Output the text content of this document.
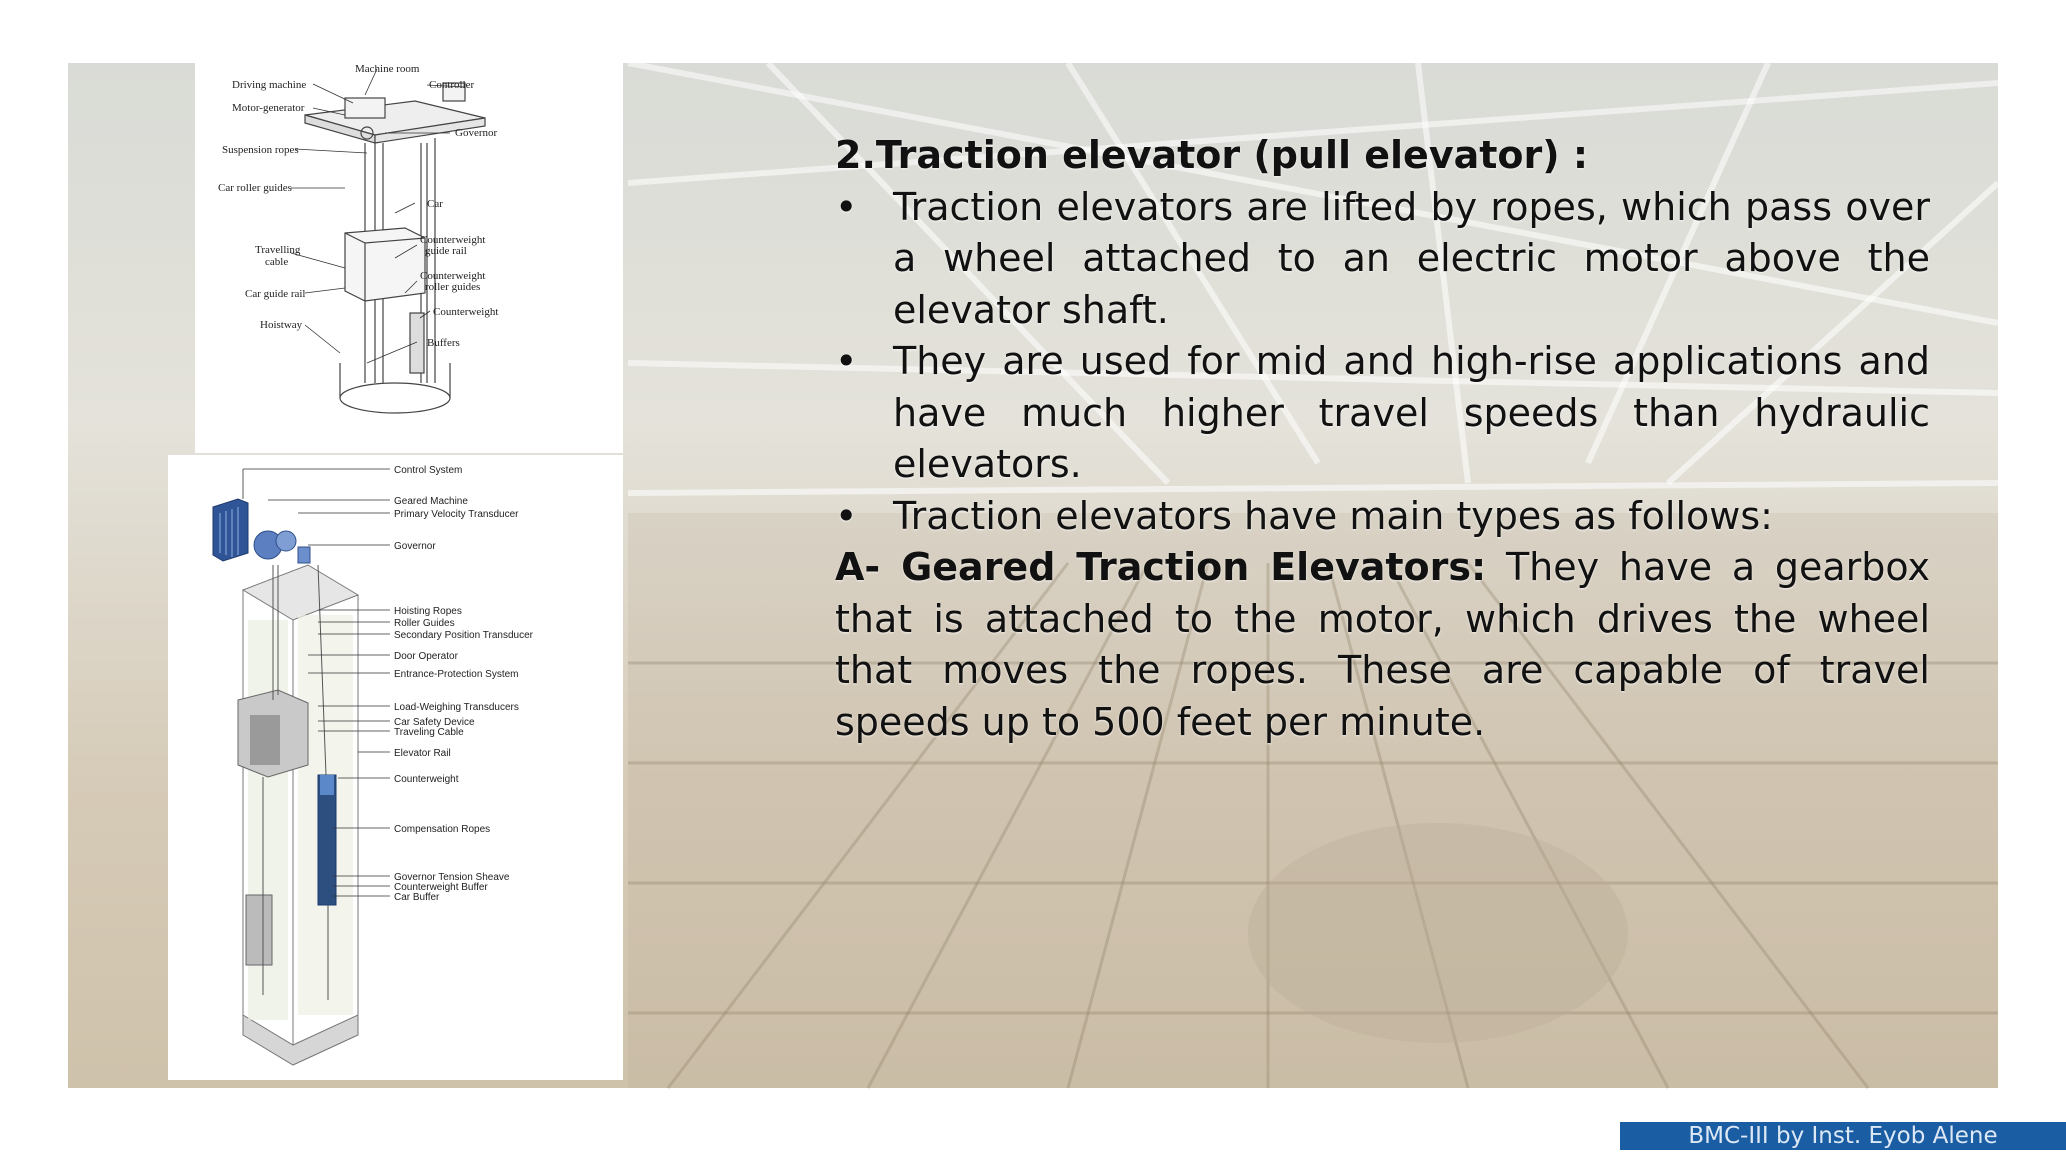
Machine room
Driving machine	Controller
Motor-generator
Governor
Suspension ropes
Car roller guides
Car
Travelling
cable
Counterweight
guide rail
Counterweight
roller guides
Car guide rail
Counterweight
Hoistway
Buffers
Control System
Geared Machine
Primary Velocity Transducer
Governor
Hoisting Ropes
Roller Guides
Secondary Position Transducer
Door Operator
Entrance-Protection System
Load-Weighing Transducers
Car Safety Device
Traveling Cable
Elevator Rail
Counterweight
Compensation Ropes
Governor Tension Sheave
Counterweight Buffer
Car Buffer
BMC-III by Inst. Eyob Alene

2.Traction elevator (pull elevator) :

• Traction elevators are lifted by ropes, which pass over a wheel attached to an electric motor above the elevator shaft.
• They are used for mid and high-rise applications and have much higher travel speeds than hydraulic elevators.
• Traction elevators have main types as follows:

A- Geared Traction Elevators: They have a gearbox that is attached to the motor, which drives the wheel that moves the ropes. These are capable of travel speeds up to 500 feet per minute.
